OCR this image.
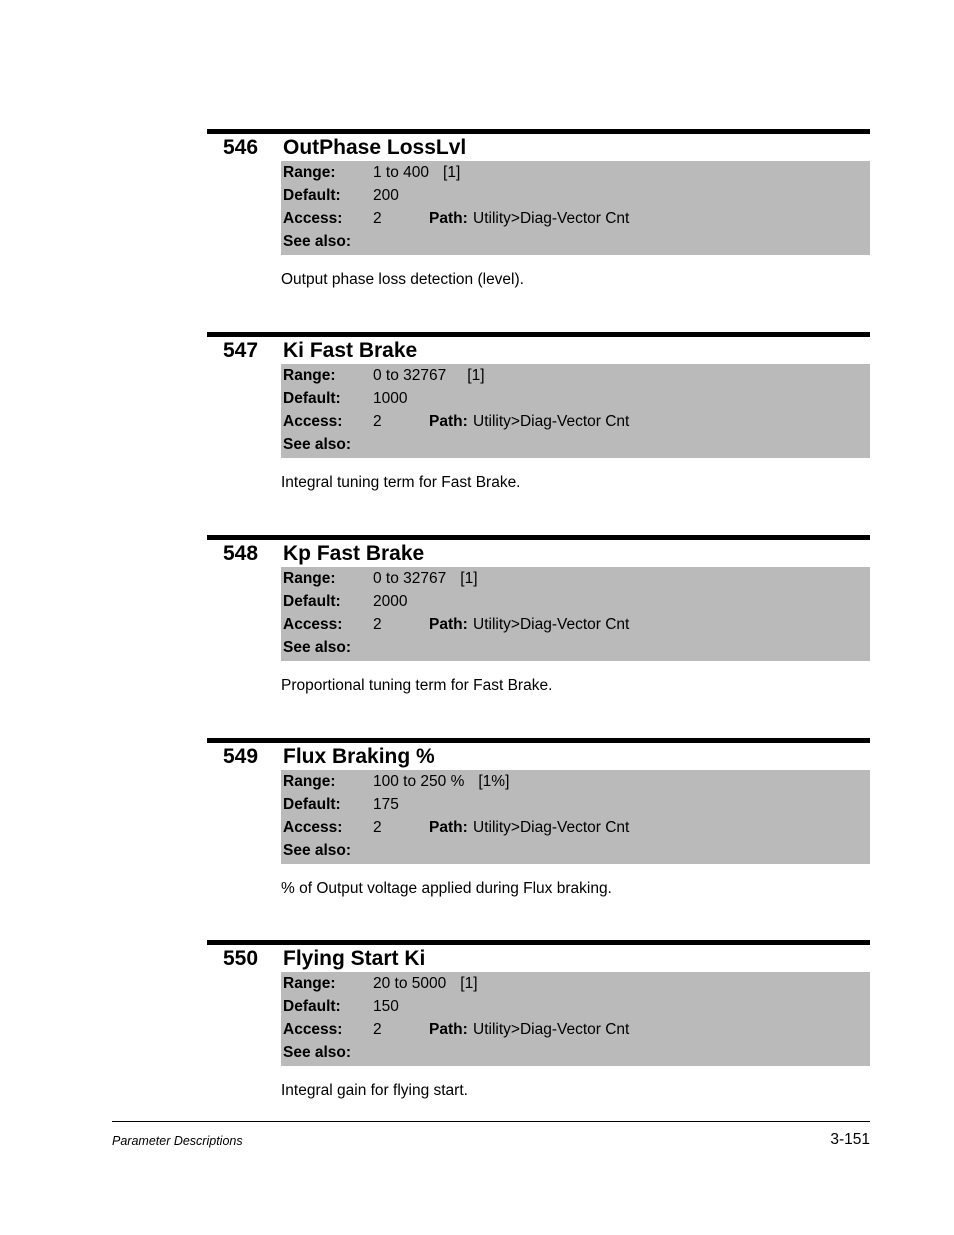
546 OutPhase LossLvl
Range: 1 to 400 [1]
Default: 200
Access: 2	Path: Utility>Diag-Vector Cnt
See also:
Output phase loss detection (level).
547 Ki Fast Brake
Range: 0 to 32767 [1]
Default: 1000
Access: 2	Path: Utility>Diag-Vector Cnt
See also:
Integral tuning term for Fast Brake.
548 Kp Fast Brake
Range: 0 to 32767 [1]
Default: 2000
Access: 2	Path: Utility>Diag-Vector Cnt
See also:
Proportional tuning term for Fast Brake.
549 Flux Braking %
Range: 100 to 250 % [1%]
Default: 175
Access: 2	Path: Utility>Diag-Vector Cnt
See also:
% of Output voltage applied during Flux braking.
550 Flying Start Ki
Range: 20 to 5000 [1]
Default: 150
Access: 2	Path: Utility>Diag-Vector Cnt
See also:
Integral gain for flying start.
Parameter Descriptions	3-151
